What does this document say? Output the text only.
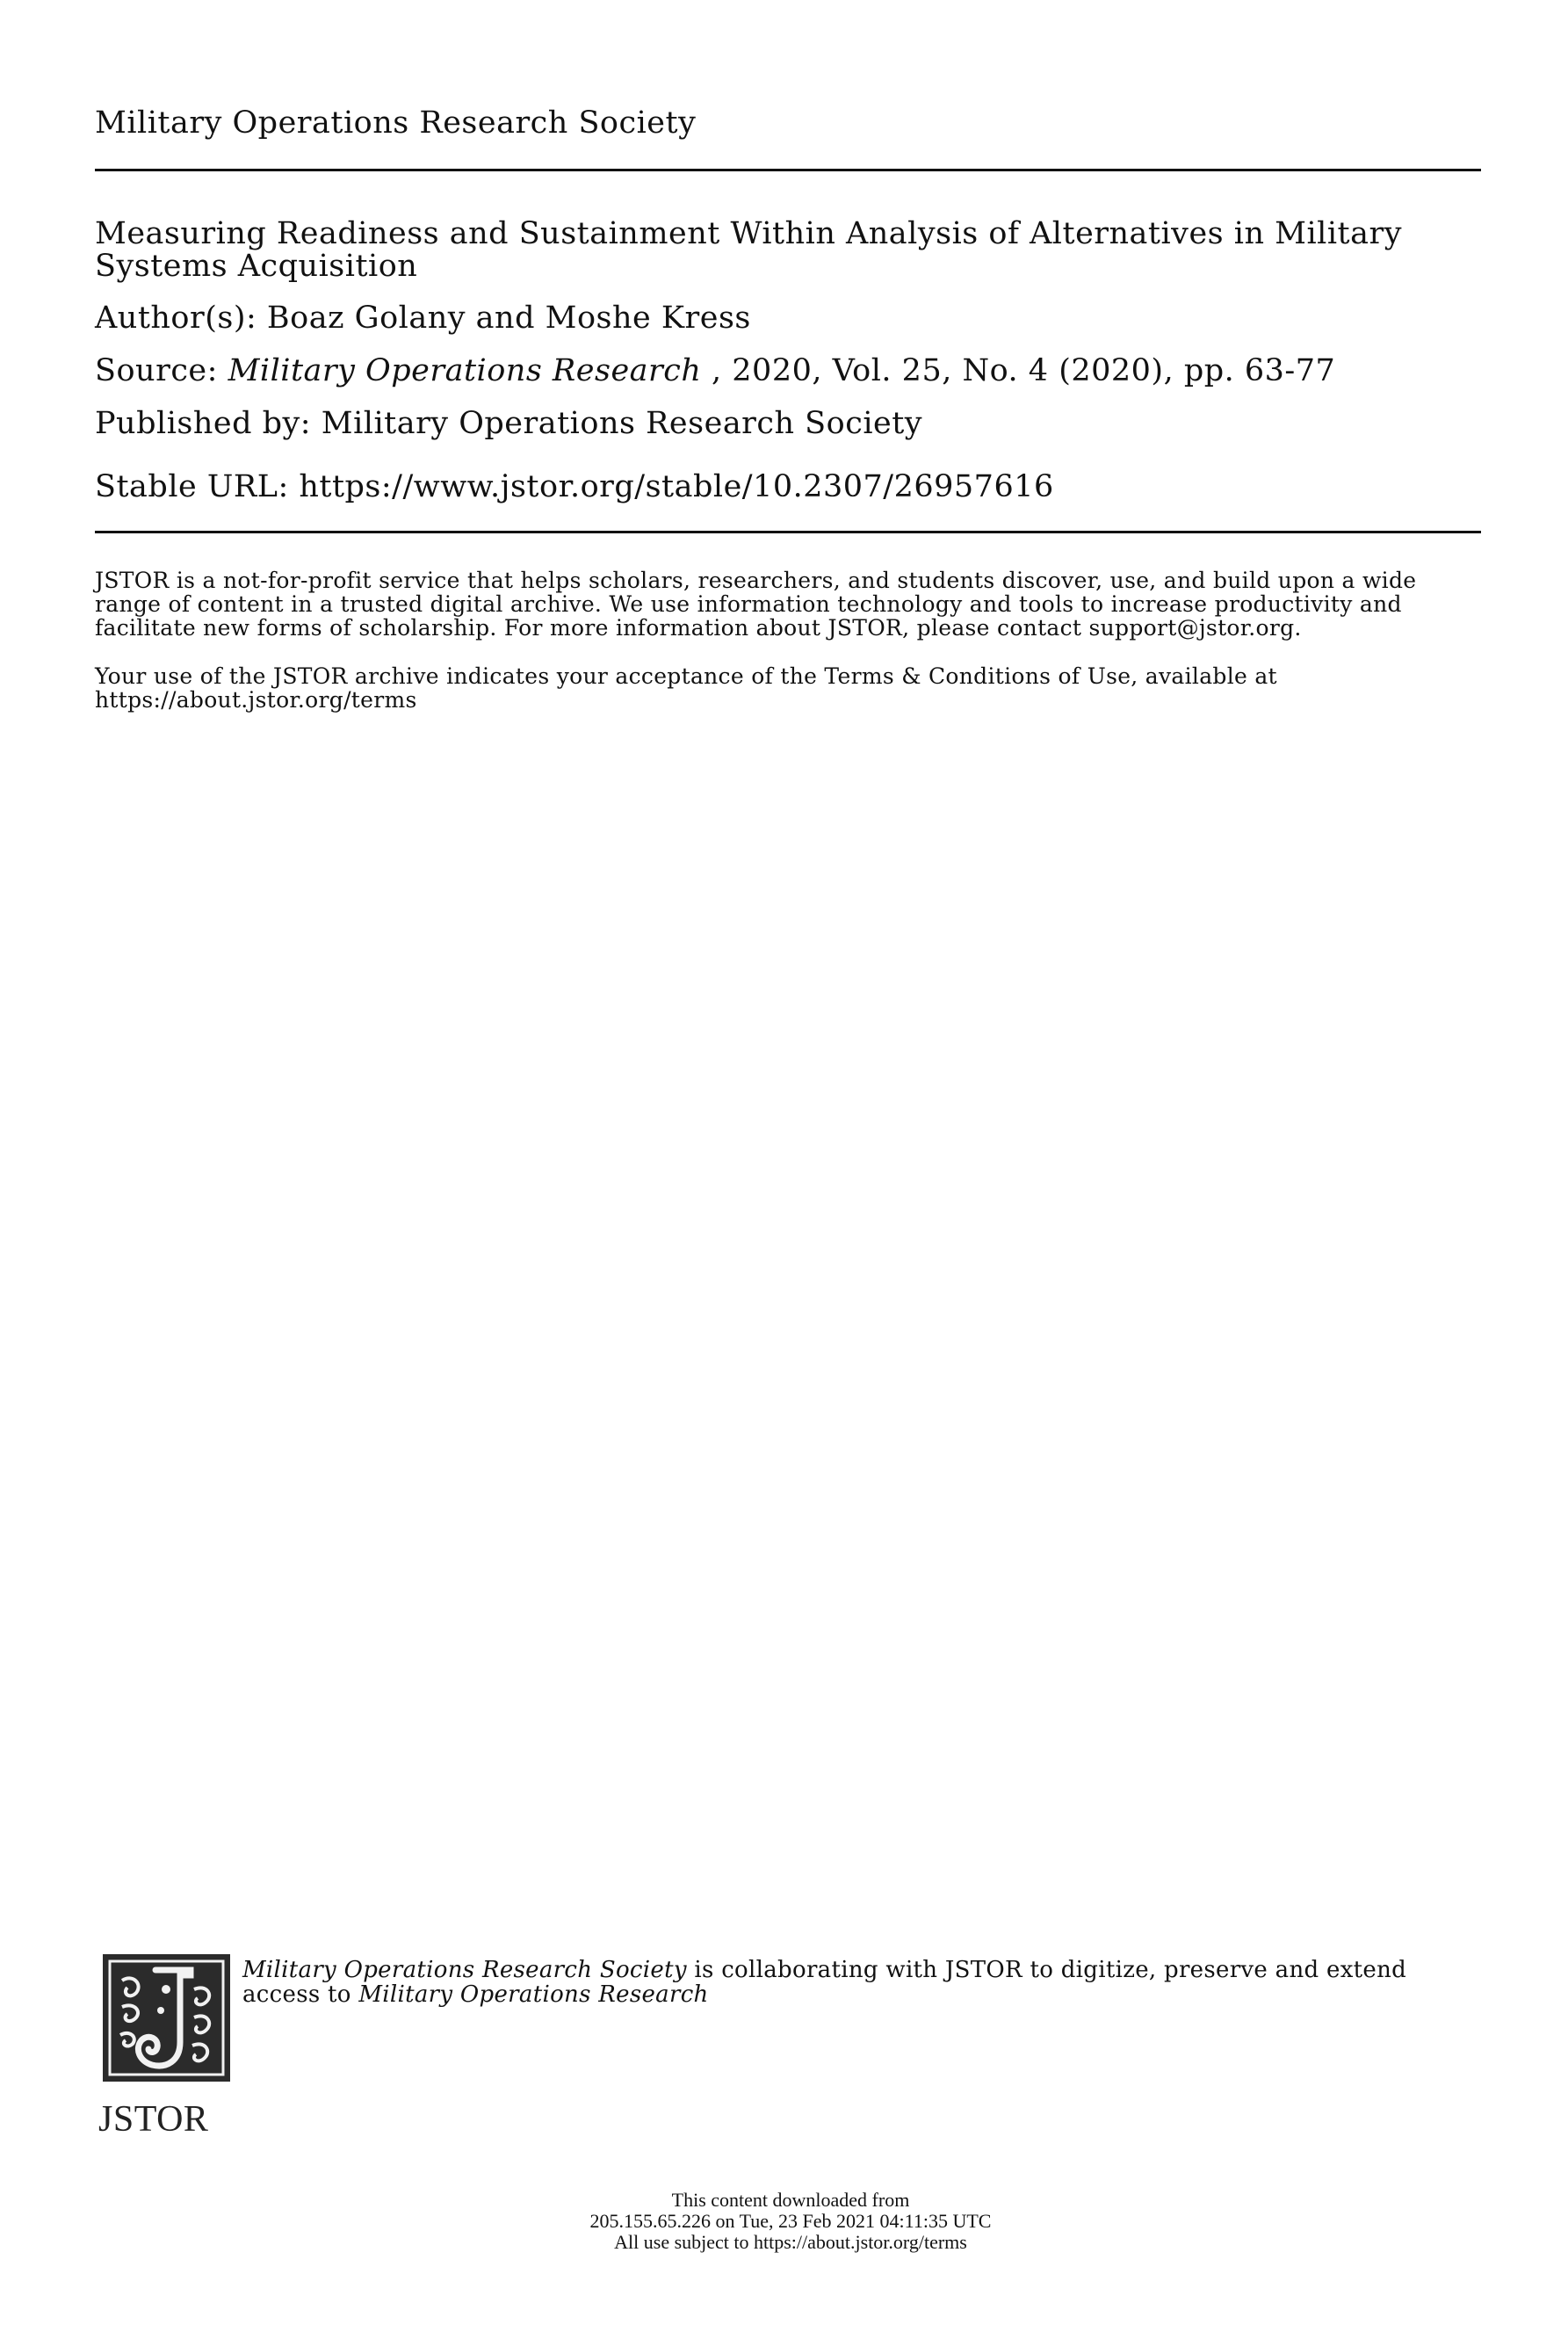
Military Operations Research Society
Measuring Readiness and Sustainment Within Analysis of Alternatives in Military Systems Acquisition
Author(s): Boaz Golany and Moshe Kress
Source: Military Operations Research , 2020, Vol. 25, No. 4 (2020), pp. 63-77
Published by: Military Operations Research Society
Stable URL: https://www.jstor.org/stable/10.2307/26957616
JSTOR is a not-for-profit service that helps scholars, researchers, and students discover, use, and build upon a wide range of content in a trusted digital archive. We use information technology and tools to increase productivity and facilitate new forms of scholarship. For more information about JSTOR, please contact support@jstor.org.
Your use of the JSTOR archive indicates your acceptance of the Terms & Conditions of Use, available at https://about.jstor.org/terms
JSTOR
Military Operations Research Society is collaborating with JSTOR to digitize, preserve and extend access to Military Operations Research
This content downloaded from
205.155.65.226 on Tue, 23 Feb 2021 04:11:35 UTC
All use subject to https://about.jstor.org/terms
